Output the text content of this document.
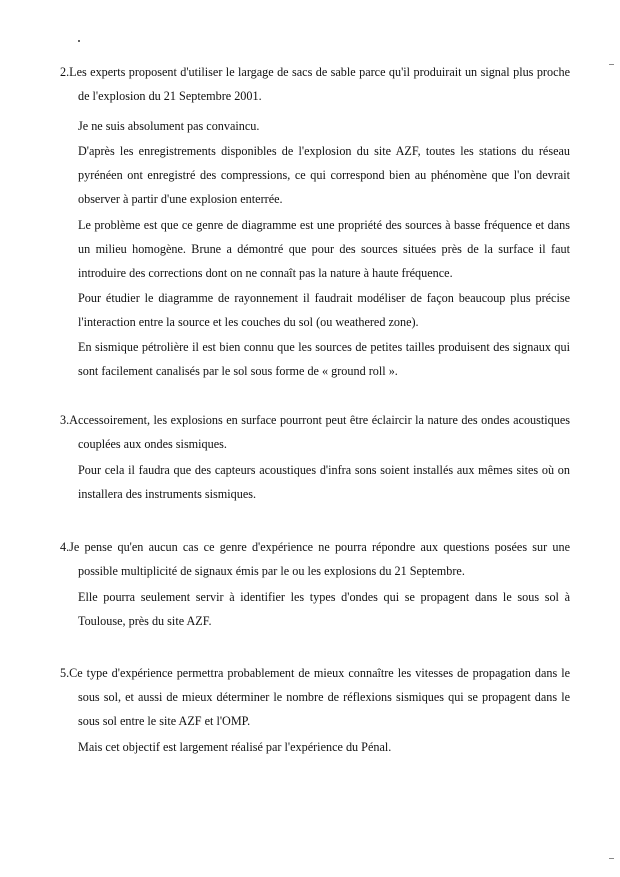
2.Les experts proposent d'utiliser le largage de sacs de sable parce qu'il produirait un signal plus proche de l'explosion du 21 Septembre 2001.

Je ne suis absolument pas convaincu.

D'après les enregistrements disponibles de l'explosion du site AZF, toutes les stations du réseau pyrénéen ont enregistré des compressions, ce qui correspond bien au phénomène que l'on devrait observer à partir d'une explosion enterrée.

Le problème est que ce genre de diagramme est une propriété des sources à basse fréquence et dans un milieu homogène. Brune a démontré que pour des sources situées près de la surface il faut introduire des corrections dont on ne connaît pas la nature à haute fréquence.

Pour étudier le diagramme de rayonnement il faudrait modéliser de façon beaucoup plus précise l'interaction entre la source et les couches du sol (ou weathered zone).

En sismique pétrolière il est bien connu que les sources de petites tailles produisent des signaux qui sont facilement canalisés par le sol sous forme de « ground roll ».

3.Accessoirement, les explosions en surface pourront peut être éclaircir la nature des ondes acoustiques couplées aux ondes sismiques.

Pour cela il faudra que des capteurs acoustiques d'infra sons soient installés aux mêmes sites où on installera des instruments sismiques.

4.Je pense qu'en aucun cas ce genre d'expérience ne pourra répondre aux questions posées sur une possible multiplicité de signaux émis par le ou les explosions du 21 Septembre.

Elle pourra seulement servir à identifier les types d'ondes qui se propagent dans le sous sol à Toulouse, près du site AZF.

5.Ce type d'expérience permettra probablement de mieux connaître les vitesses de propagation dans le sous sol, et aussi de mieux déterminer le nombre de réflexions sismiques qui se propagent dans le sous sol entre le site AZF et l'OMP.

Mais cet objectif est largement réalisé par l'expérience du Pénal.
